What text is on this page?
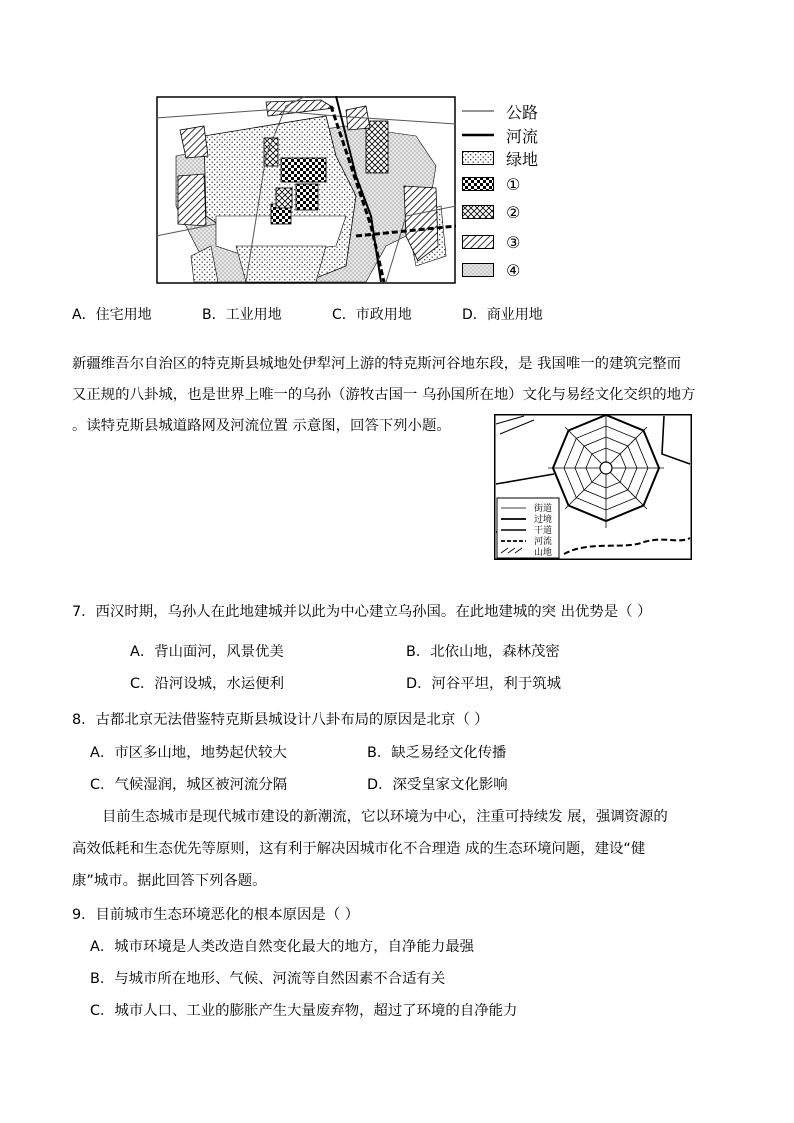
公路
河流
绿地
①
②
③
④
A．住宅用地	B．工业用地	C．市政用地	D．商业用地
新疆维吾尔自治区的特克斯县城地处伊犁河上游的特克斯河谷地东段，是 我国唯一的建筑完整而
又正规的八卦城，也是世界上唯一的乌孙（游牧古国一 乌孙国所在地）文化与易经文化交织的地方
。读特克斯县城道路网及河流位置 示意图，回答下列小题。
街道
过境
干道
河流
山地
7．西汉时期，乌孙人在此地建城并以此为中心建立乌孙国。在此地建城的突 出优势是（ ）
A．背山面河，风景优美	B．北依山地，森林茂密
C．沿河设城，水运便利	D．河谷平坦，利于筑城
8．古都北京无法借鉴特克斯县城设计八卦布局的原因是北京（ ）
A．市区多山地，地势起伏较大	B．缺乏易经文化传播
C．气候湿润，城区被河流分隔	D．深受皇家文化影响
目前生态城市是现代城市建设的新潮流，它以环境为中心，注重可持续发 展，强调资源的
高效低耗和生态优先等原则，这有利于解决因城市化不合理造 成的生态环境问题，建设“健
康”城市。据此回答下列各题。
9．目前城市生态环境恶化的根本原因是（ ）
A．城市环境是人类改造自然变化最大的地方，自净能力最强
B．与城市所在地形、气候、河流等自然因素不合适有关
C．城市人口、工业的膨胀产生大量废弃物，超过了环境的自净能力
